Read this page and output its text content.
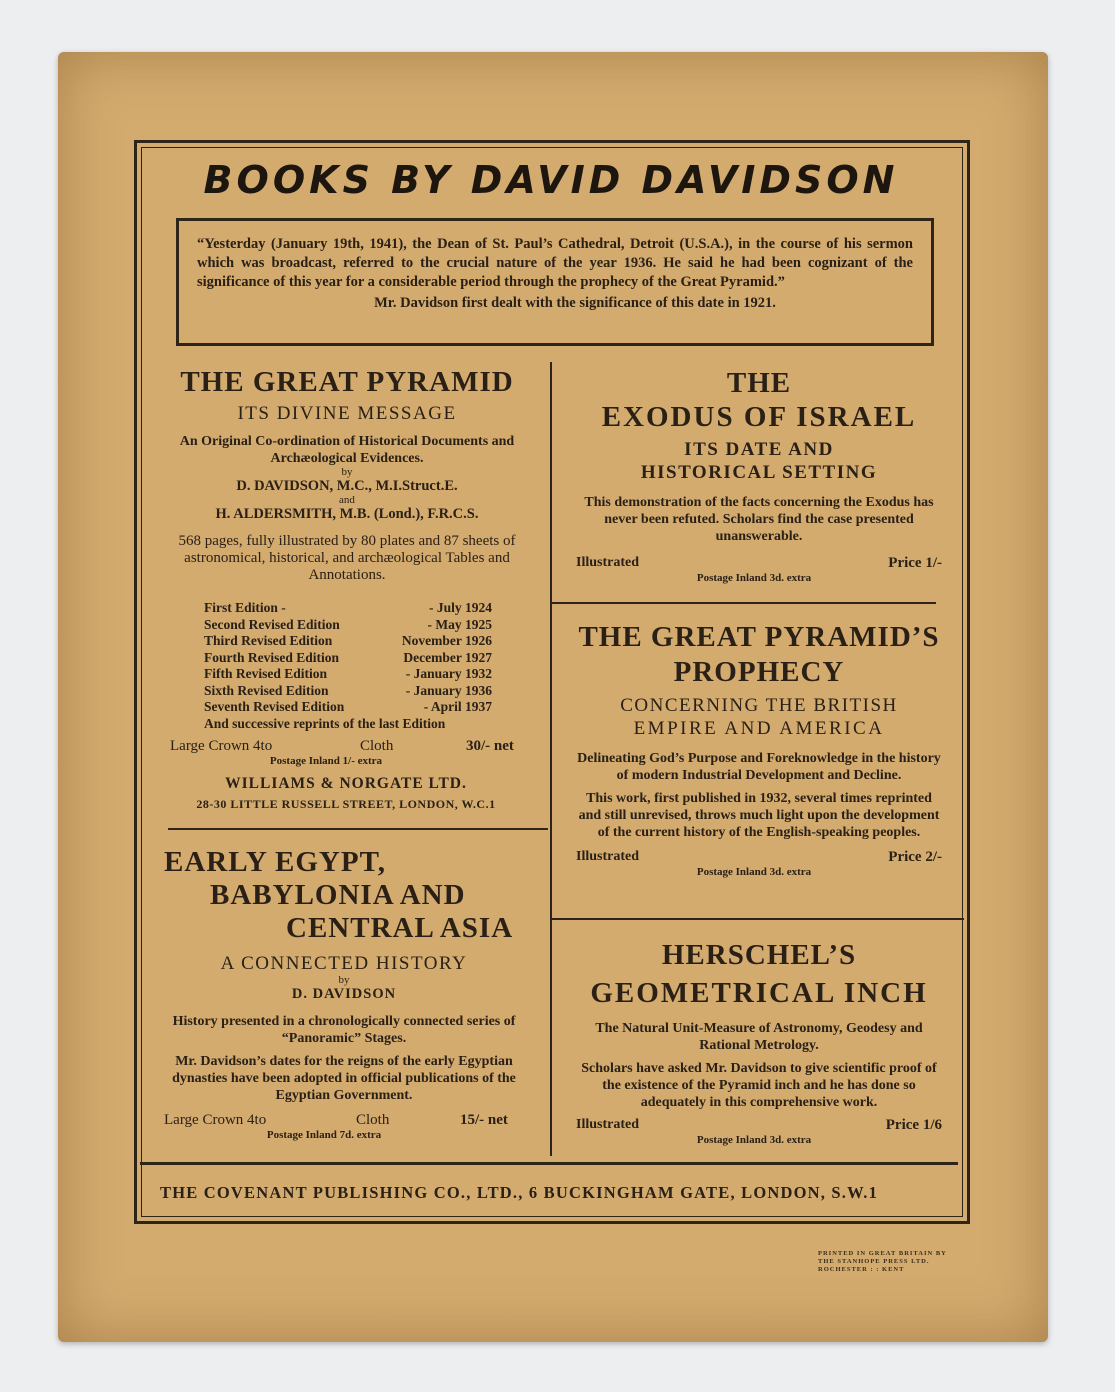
BOOKS BY DAVID DAVIDSON
“Yesterday (January 19th, 1941), the Dean of St. Paul’s Cathedral, Detroit (U.S.A.), in the course of his sermon which was broadcast, referred to the crucial nature of the year 1936. He said he had been cognizant of the significance of this year for a considerable period through the prophecy of the Great Pyramid.”
Mr. Davidson first dealt with the significance of this date in 1921.
THE GREAT PYRAMID
ITS DIVINE MESSAGE
An Original Co-ordination of Historical Documents and Archæological Evidences.
by
D. DAVIDSON, M.C., M.I.Struct.E.
and
H. ALDERSMITH, M.B. (Lond.), F.R.C.S.
568 pages, fully illustrated by 80 plates and 87 sheets of astronomical, historical, and archæological Tables and Annotations.
First Edition -	- July 1924
Second Revised Edition	- May 1925
Third Revised Edition	November 1926
Fourth Revised Edition	December 1927
Fifth Revised Edition	- January 1932
Sixth Revised Edition	- January 1936
Seventh Revised Edition	- April 1937
And successive reprints of the last Edition
Large Crown 4to	Cloth	30/- net
Postage Inland 1/- extra
WILLIAMS & NORGATE LTD.
28-30 LITTLE RUSSELL STREET, LONDON, W.C.1
EARLY EGYPT,
BABYLONIA AND
CENTRAL ASIA
A CONNECTED HISTORY
by
D. DAVIDSON
History presented in a chronologically connected series of “Panoramic” Stages.
Mr. Davidson’s dates for the reigns of the early Egyptian dynasties have been adopted in official publications of the Egyptian Government.
Large Crown 4to	Cloth	15/- net
Postage Inland 7d. extra
THE
EXODUS OF ISRAEL
ITS DATE AND
HISTORICAL SETTING
This demonstration of the facts concerning the Exodus has never been refuted. Scholars find the case presented unanswerable.
Illustrated	Price 1/-
Postage Inland 3d. extra
THE GREAT PYRAMID’S
PROPHECY
CONCERNING THE BRITISH
EMPIRE AND AMERICA
Delineating God’s Purpose and Foreknowledge in the history of modern Industrial Development and Decline.
This work, first published in 1932, several times reprinted and still unrevised, throws much light upon the development of the current history of the English-speaking peoples.
Illustrated	Price 2/-
Postage Inland 3d. extra
HERSCHEL’S
GEOMETRICAL INCH
The Natural Unit-Measure of Astronomy, Geodesy and Rational Metrology.
Scholars have asked Mr. Davidson to give scientific proof of the existence of the Pyramid inch and he has done so adequately in this comprehensive work.
Illustrated	Price 1/6
Postage Inland 3d. extra
THE COVENANT PUBLISHING CO., LTD., 6 BUCKINGHAM GATE, LONDON, S.W.1
PRINTED IN GREAT BRITAIN BY
THE STANHOPE PRESS LTD.
ROCHESTER : : KENT
